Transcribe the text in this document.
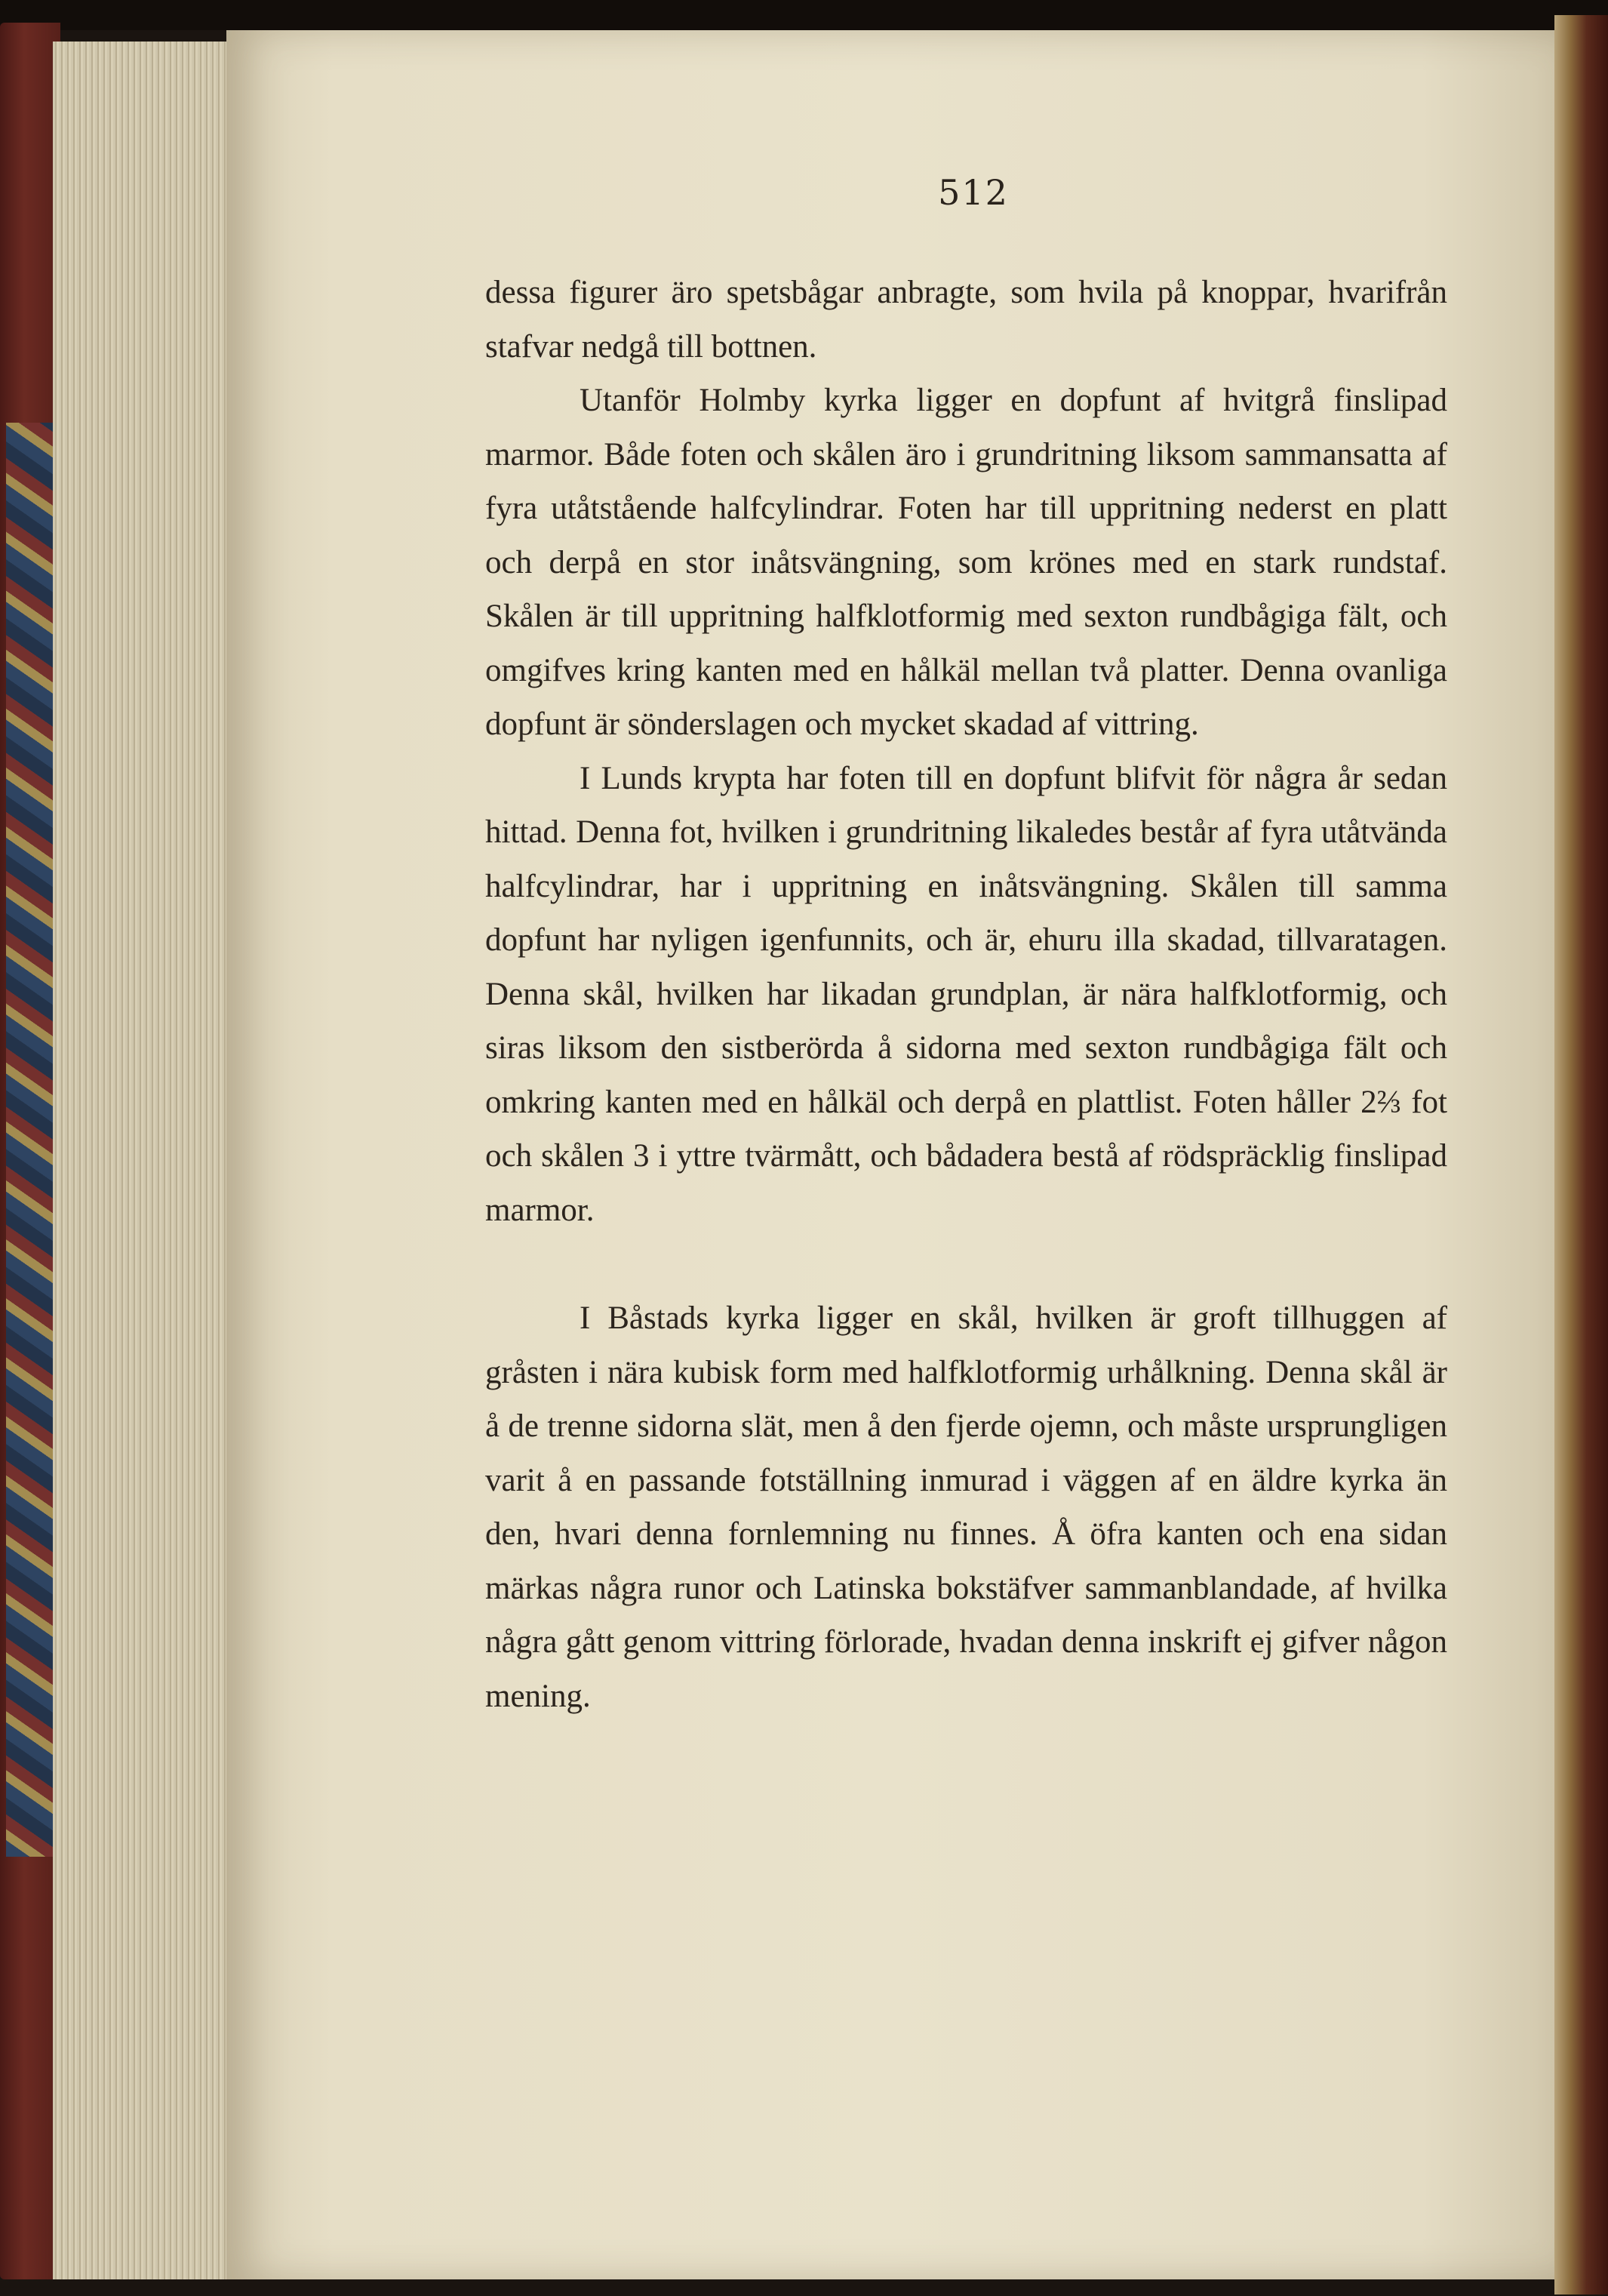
512

dessa figurer äro spetsbågar anbragte, som hvila på knoppar, hvarifrån stafvar nedgå till bottnen.

Utanför Holmby kyrka ligger en dopfunt af hvitgrå finslipad marmor. Både foten och skålen äro i grundritning liksom sammansatta af fyra utåtstående halfcylindrar. Foten har till uppritning nederst en platt och derpå en stor inåtsvängning, som krönes med en stark rundstaf. Skålen är till uppritning halfklotformig med sexton rundbågiga fält, och omgifves kring kanten med en hålkäl mellan två platter. Denna ovanliga dopfunt är sönderslagen och mycket skadad af vittring.

I Lunds krypta har foten till en dopfunt blifvit för några år sedan hittad. Denna fot, hvilken i grundritning likaledes består af fyra utåtvända halfcylindrar, har i uppritning en inåtsvängning. Skålen till samma dopfunt har nyligen igenfunnits, och är, ehuru illa skadad, tillvaratagen. Denna skål, hvilken har likadan grundplan, är nära halfklotformig, och siras liksom den sistberörda å sidorna med sexton rundbågiga fält och omkring kanten med en hålkäl och derpå en plattlist. Foten håller 2⅔ fot och skålen 3 i yttre tvärmått, och bådadera bestå af rödspräcklig finslipad marmor.

I Båstads kyrka ligger en skål, hvilken är groft tillhuggen af gråsten i nära kubisk form med halfklotformig urhålkning. Denna skål är å de trenne sidorna slät, men å den fjerde ojemn, och måste ursprungligen varit å en passande fotställning inmurad i väggen af en äldre kyrka än den, hvari denna fornlemning nu finnes. Å öfra kanten och ena sidan märkas några runor och Latinska bokstäfver sammanblandade, af hvilka några gått genom vittring förlorade, hvadan denna inskrift ej gifver någon mening.
